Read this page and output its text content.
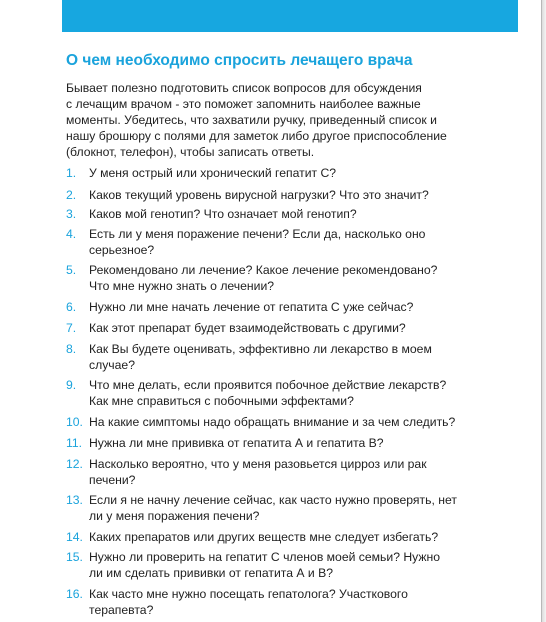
О чем необходимо спросить лечащего врача
Бывает полезно подготовить список вопросов для обсуждения
с лечащим врачом - это поможет запомнить наиболее важные
моменты. Убедитесь, что захватили ручку, приведенный список и
нашу брошюру с полями для заметок либо другое приспособление
(блокнот, телефон), чтобы записать ответы.
1.	У меня острый или хронический гепатит С?
2.	Каков текущий уровень вирусной нагрузки? Что это значит?
3.	Каков мой генотип? Что означает мой генотип?
4.	Есть ли у меня поражение печени? Если да, насколько оно
серьезное?
5.	Рекомендовано ли лечение? Какое лечение рекомендовано?
Что мне нужно знать о лечении?
6.	Нужно ли мне начать лечение от гепатита С уже сейчас?
7.	Как этот препарат будет взаимодействовать с другими?
8.	Как Вы будете оценивать, эффективно ли лекарство в моем
случае?
9.	Что мне делать, если проявится побочное действие лекарств?
Как мне справиться с побочными эффектами?
10. На какие симптомы надо обращать внимание и за чем следить?
11. Нужна ли мне прививка от гепатита А и гепатита В?
12. Насколько вероятно, что у меня разовьется цирроз или рак
печени?
13. Если я не начну лечение сейчас, как часто нужно проверять, нет
ли у меня поражения печени?
14. Каких препаратов или других веществ мне следует избегать?
15. Нужно ли проверить на гепатит С членов моей семьи? Нужно
ли им сделать прививки от гепатита А и В?
16. Как часто мне нужно посещать гепатолога? Участкового
терапевта?
